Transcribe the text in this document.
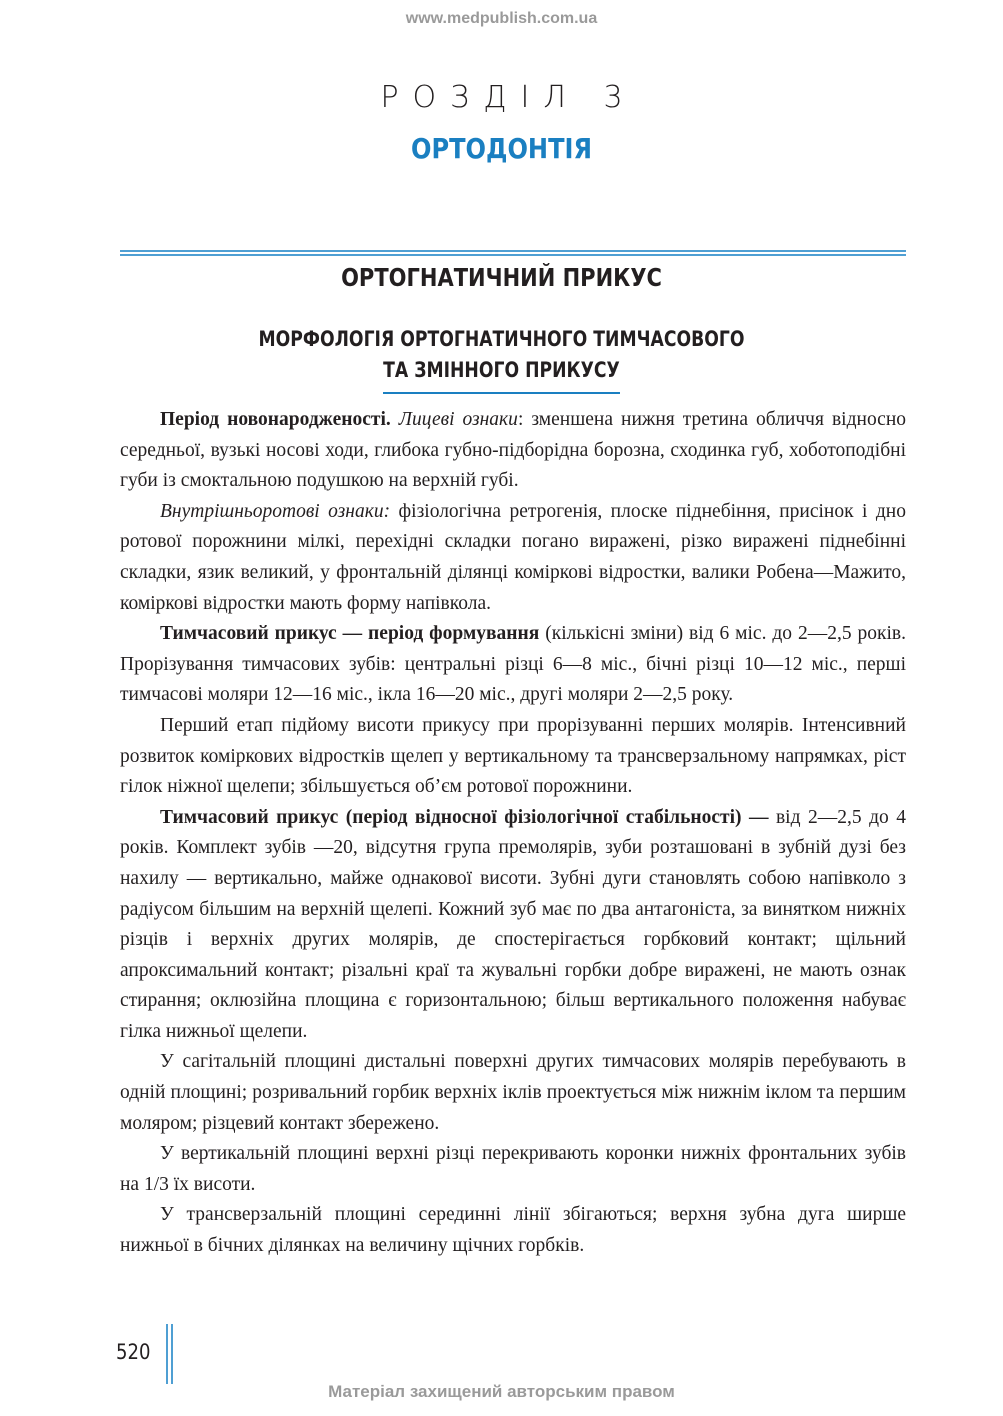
www.medpublish.com.ua
РОЗДІЛ 3
ОРТОДОНТІЯ
ОРТОГНАТИЧНИЙ ПРИКУС
МОРФОЛОГІЯ ОРТОГНАТИЧНОГО ТИМЧАСОВОГО
ТА ЗМІННОГО ПРИКУСУ

Період новонародженості. Лицеві ознаки: зменшена нижня третина обличчя відносно середньої, вузькі носові ходи, глибока губно-підборідна борозна, сходинка губ, хоботоподібні губи із смоктальною подушкою на верхній губі.

Внутрішньоротові ознаки: фізіологічна ретрогенія, плоске піднебіння, присінок і дно ротової порожнини мілкі, перехідні складки погано виражені, різко виражені піднебінні складки, язик великий, у фронтальній ділянці коміркові відростки, валики Робена—Мажито, коміркові відростки мають форму напівкола.

Тимчасовий прикус — період формування (кількісні зміни) від 6 міс. до 2—2,5 років. Прорізування тимчасових зубів: центральні різці 6—8 міс., бічні різці 10—12 міс., перші тимчасові моляри 12—16 міс., ікла 16—20 міс., другі моляри 2—2,5 року.

Перший етап підйому висоти прикусу при прорізуванні перших молярів. Інтенсивний розвиток коміркових відростків щелеп у вертикальному та трансверзальному напрямках, ріст гілок ніжної щелепи; збільшується об’єм ротової порожнини.

Тимчасовий прикус (період відносної фізіологічної стабільності) — від 2—2,5 до 4 років. Комплект зубів —20, відсутня група премолярів, зуби розташовані в зубній дузі без нахилу — вертикально, майже однакової висоти. Зубні дуги становлять собою напівколо з радіусом більшим на верхній щелепі. Кожний зуб має по два антагоніста, за винятком нижніх різців і верхніх других молярів, де спостерігається горбковий контакт; щільний апроксимальний контакт; різальні краї та жувальні горбки добре виражені, не мають ознак стирання; оклюзійна площина є горизонтальною; більш вертикального положення набуває гілка нижньої щелепи.

У сагітальній площині дистальні поверхні других тимчасових молярів перебувають в одній площині; розривальний горбик верхніх іклів проектується між нижнім іклом та першим моляром; різцевий контакт збережено.

У вертикальній площині верхні різці перекривають коронки нижніх фронтальних зубів на 1/3 їх висоти.

У трансверзальній площині серединні лінії збігаються; верхня зубна дуга ширше нижньої в бічних ділянках на величину щічних горбків.

520
Матеріал захищений авторським правом
